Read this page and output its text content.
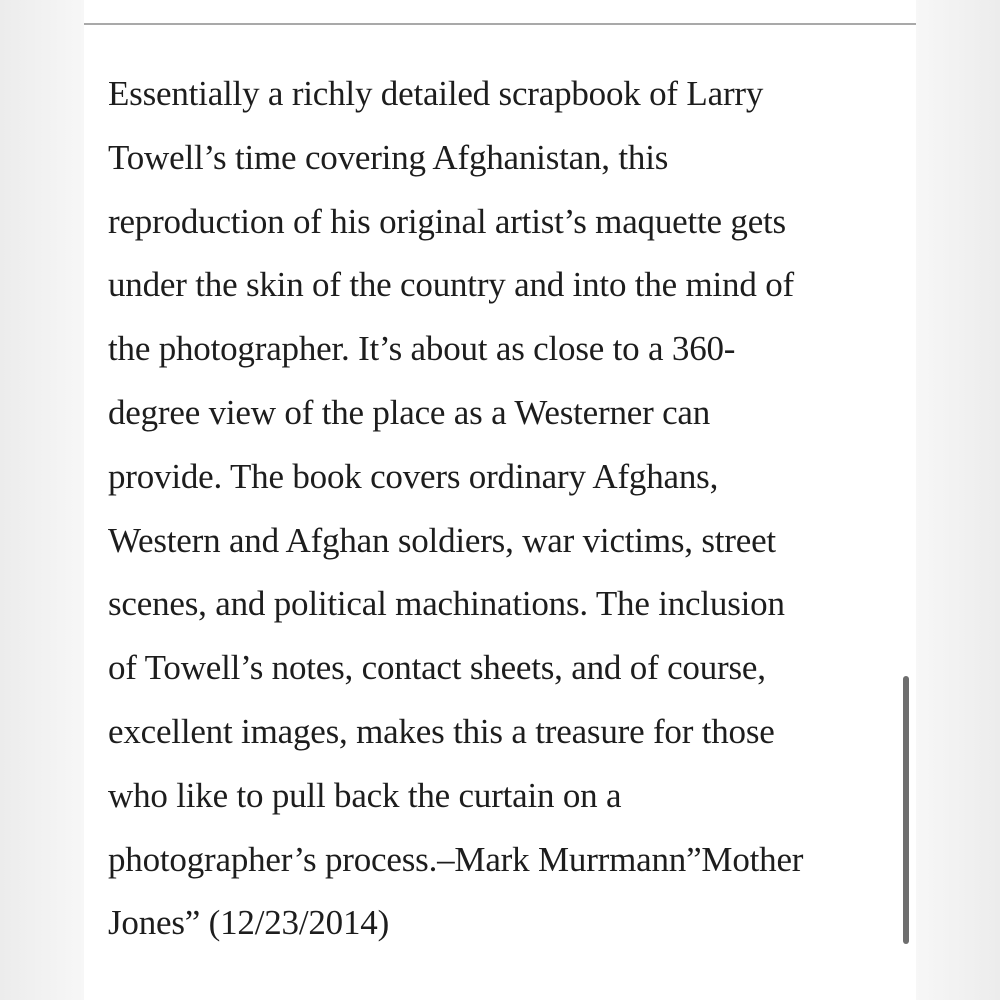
Essentially a richly detailed scrapbook of Larry
Towell’s time covering Afghanistan, this
reproduction of his original artist’s maquette gets
under the skin of the country and into the mind of
the photographer. It’s about as close to a 360-
degree view of the place as a Westerner can
provide. The book covers ordinary Afghans,
Western and Afghan soldiers, war victims, street
scenes, and political machinations. The inclusion
of Towell’s notes, contact sheets, and of course,
excellent images, makes this a treasure for those
who like to pull back the curtain on a
photographer’s process.–Mark Murrmann”Mother
Jones” (12/23/2014)
